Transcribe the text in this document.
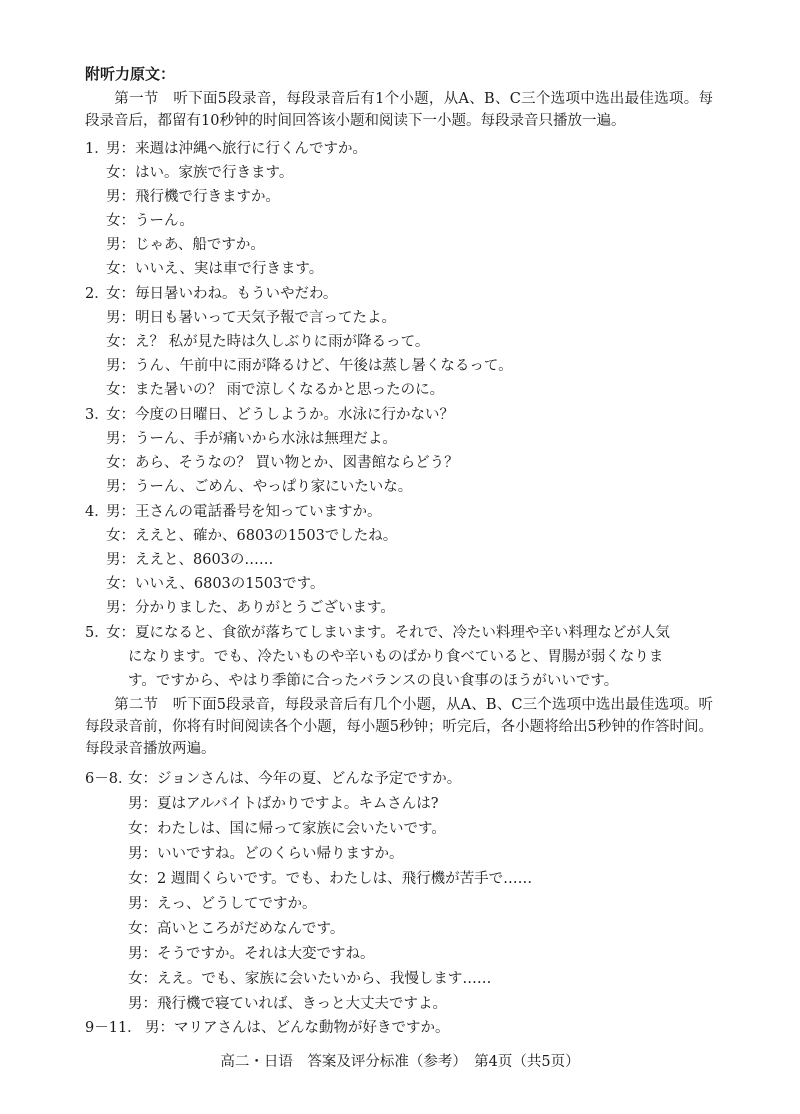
附听力原文：

第一节　听下面5段录音，每段录音后有1个小题，从A、B、C三个选项中选出最佳选项。每段录音后，都留有10秒钟的时间回答该小题和阅读下一小题。每段录音只播放一遍。

1．
男：来週は沖縄へ旅行に行くんですか。
女：はい。家族で行きます。
男：飛行機で行きますか。
女：うーん。
男：じゃあ、船ですか。
女：いいえ、実は車で行きます。
2．
女：毎日暑いわね。もういやだわ。
男：明日も暑いって天気予報で言ってたよ。
女：え？ 私が見た時は久しぶりに雨が降るって。
男：うん、午前中に雨が降るけど、午後は蒸し暑くなるって。
女：また暑いの？ 雨で涼しくなるかと思ったのに。
3．
女：今度の日曜日、どうしようか。水泳に行かない？
男：うーん、手が痛いから水泳は無理だよ。
女：あら、そうなの？ 買い物とか、図書館ならどう？
男：うーん、ごめん、やっぱり家にいたいな。
4．
男：王さんの電話番号を知っていますか。
女：ええと、確か、6803の1503でしたね。
男：ええと、8603の……
女：いいえ、6803の1503です。
男：分かりました、ありがとうございます。
5．
女：夏になると、食欲が落ちてしまいます。それで、冷たい料理や辛い料理などが人気
になります。でも、冷たいものや辛いものばかり食べていると、胃腸が弱くなりま
す。ですから、やはり季節に合ったバランスの良い食事のほうがいいです。

第二节　听下面5段录音，每段录音后有几个小题，从A、B、C三个选项中选出最佳选项。听每段录音前，你将有时间阅读各个小题，每小题5秒钟；听完后，各小题将给出5秒钟的作答时间。每段录音播放两遍。

6－8．
女：ジョンさんは、今年の夏、どんな予定ですか。
男：夏はアルバイトばかりですよ。キムさんは?
女：わたしは、国に帰って家族に会いたいです。
男：いいですね。どのくらい帰りますか。
女：2 週間くらいです。でも、わたしは、飛行機が苦手で……
男：えっ、どうしてですか。
女：高いところがだめなんです。
男：そうですか。それは大変ですね。
女：ええ。でも、家族に会いたいから、我慢します……
男：飛行機で寝ていれば、きっと大丈夫ですよ。
9－11． 男：マリアさんは、どんな動物が好きですか。
高二・日语　答案及评分标准（参考）　第4页（共5页）
